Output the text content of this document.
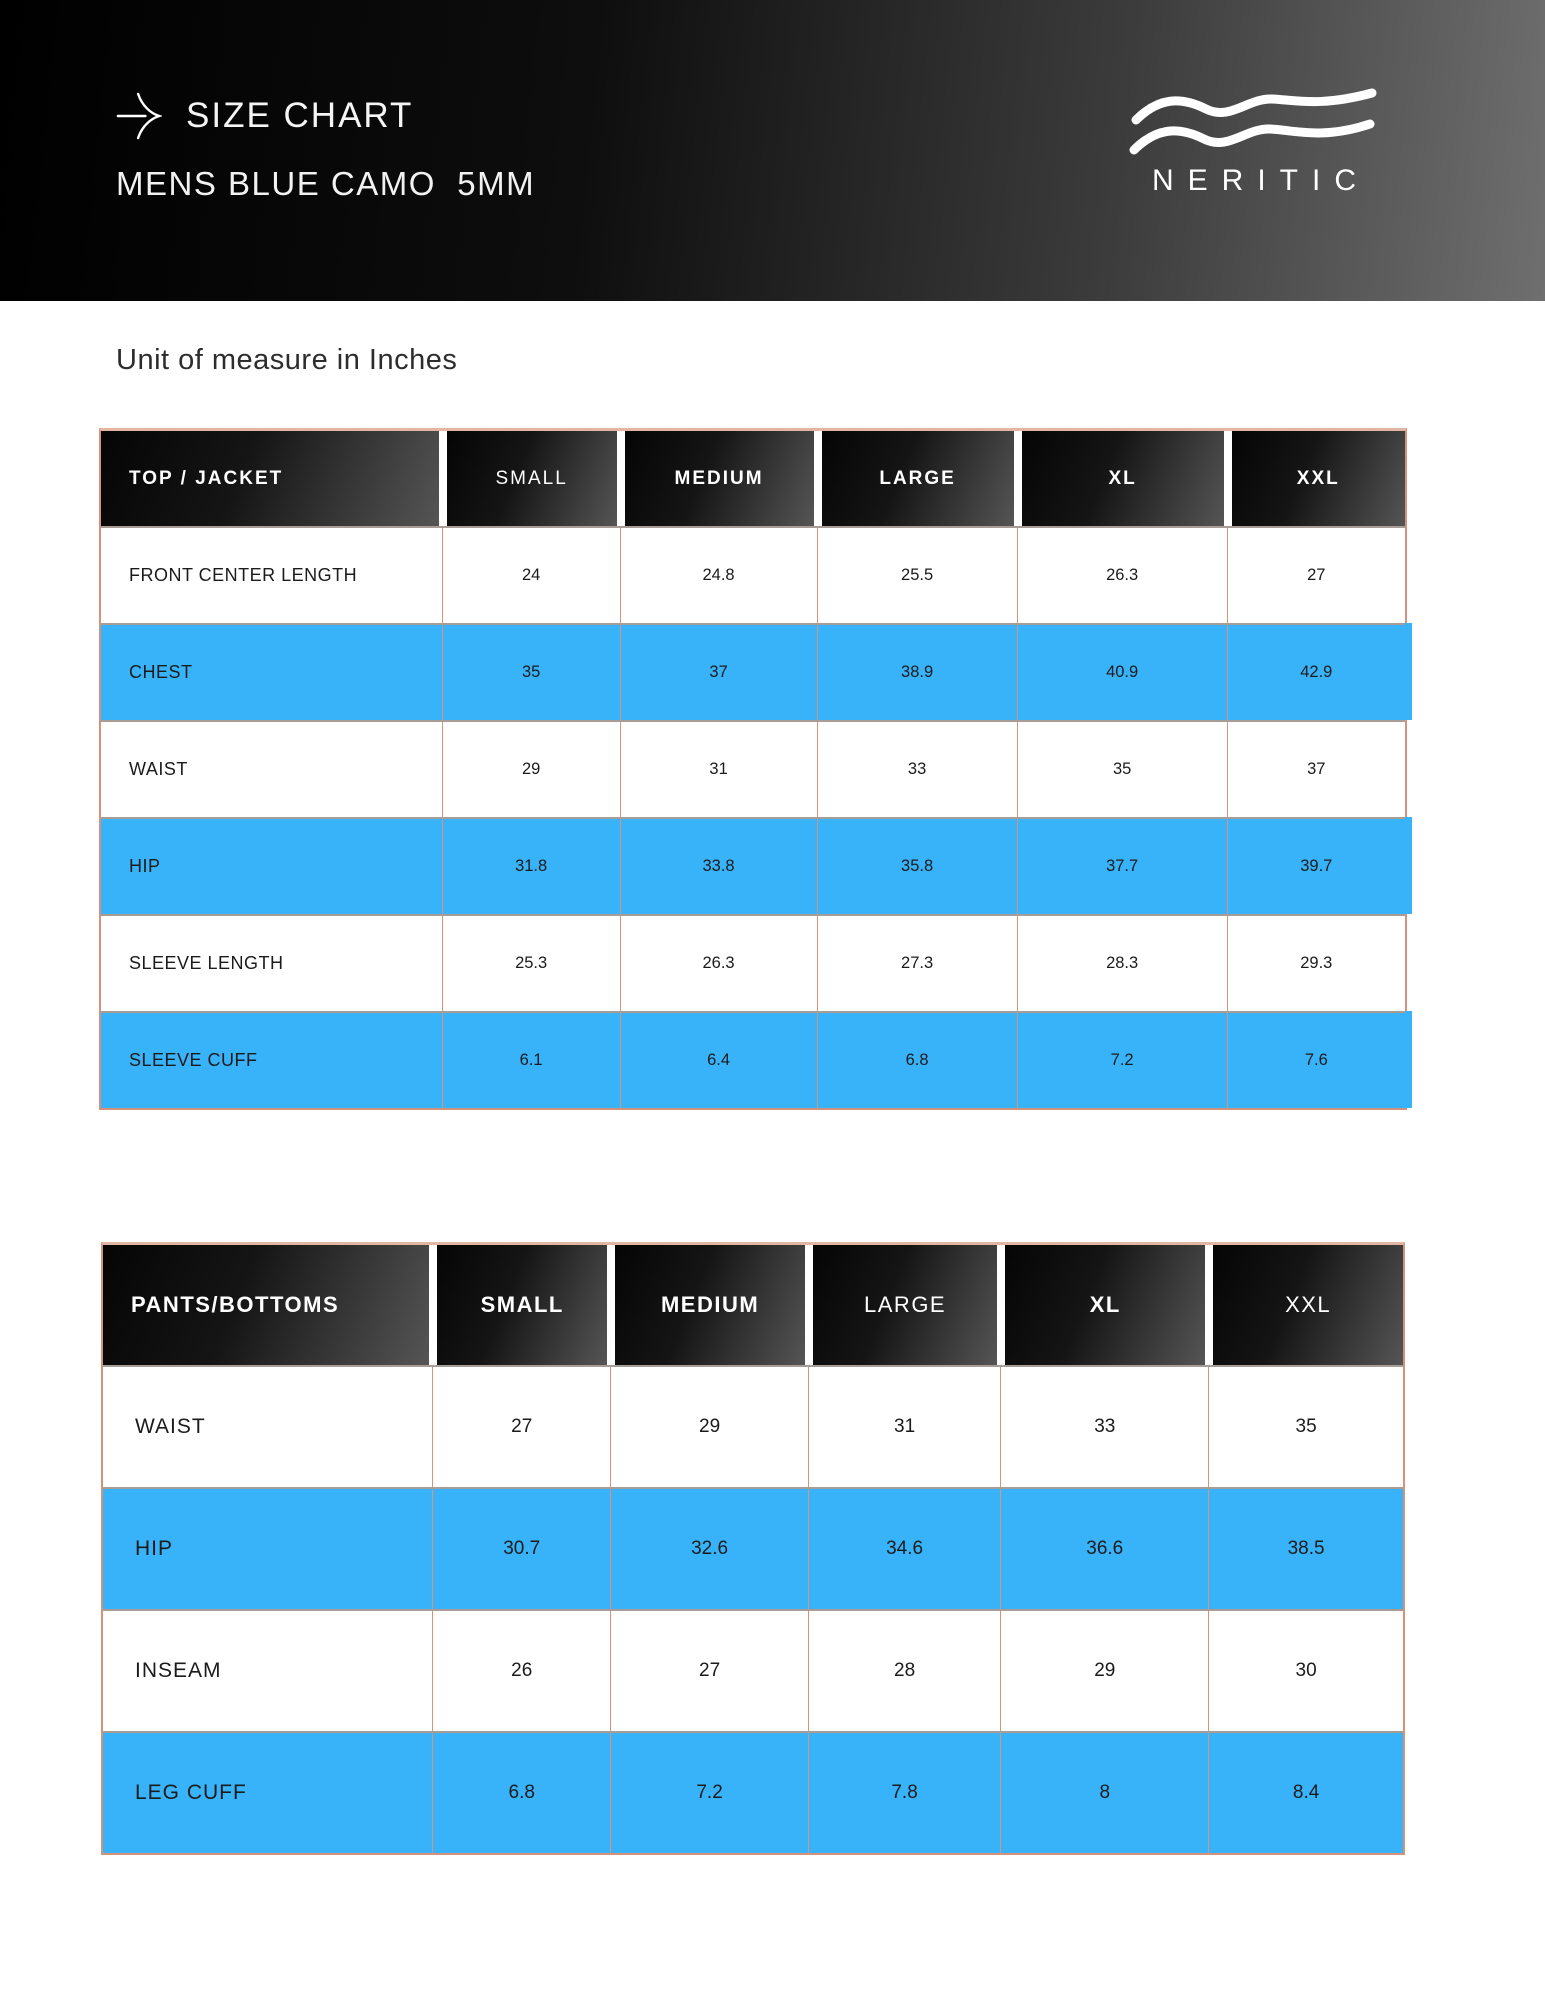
SIZE CHART
MENS BLUE CAMO  5MM	NERITIC
Unit of measure in Inches
TOP / JACKET	SMALL	MEDIUM	LARGE	XL	XXL
FRONT CENTER LENGTH	24	24.8	25.5	26.3	27
CHEST	35	37	38.9	40.9	42.9
WAIST	29	31	33	35	37
HIP	31.8	33.8	35.8	37.7	39.7
SLEEVE LENGTH	25.3	26.3	27.3	28.3	29.3
SLEEVE CUFF	6.1	6.4	6.8	7.2	7.6
PANTS/BOTTOMS	SMALL	MEDIUM	LARGE	XL	XXL
WAIST	27	29	31	33	35
HIP	30.7	32.6	34.6	36.6	38.5
INSEAM	26	27	28	29	30
LEG CUFF	6.8	7.2	7.8	8	8.4
